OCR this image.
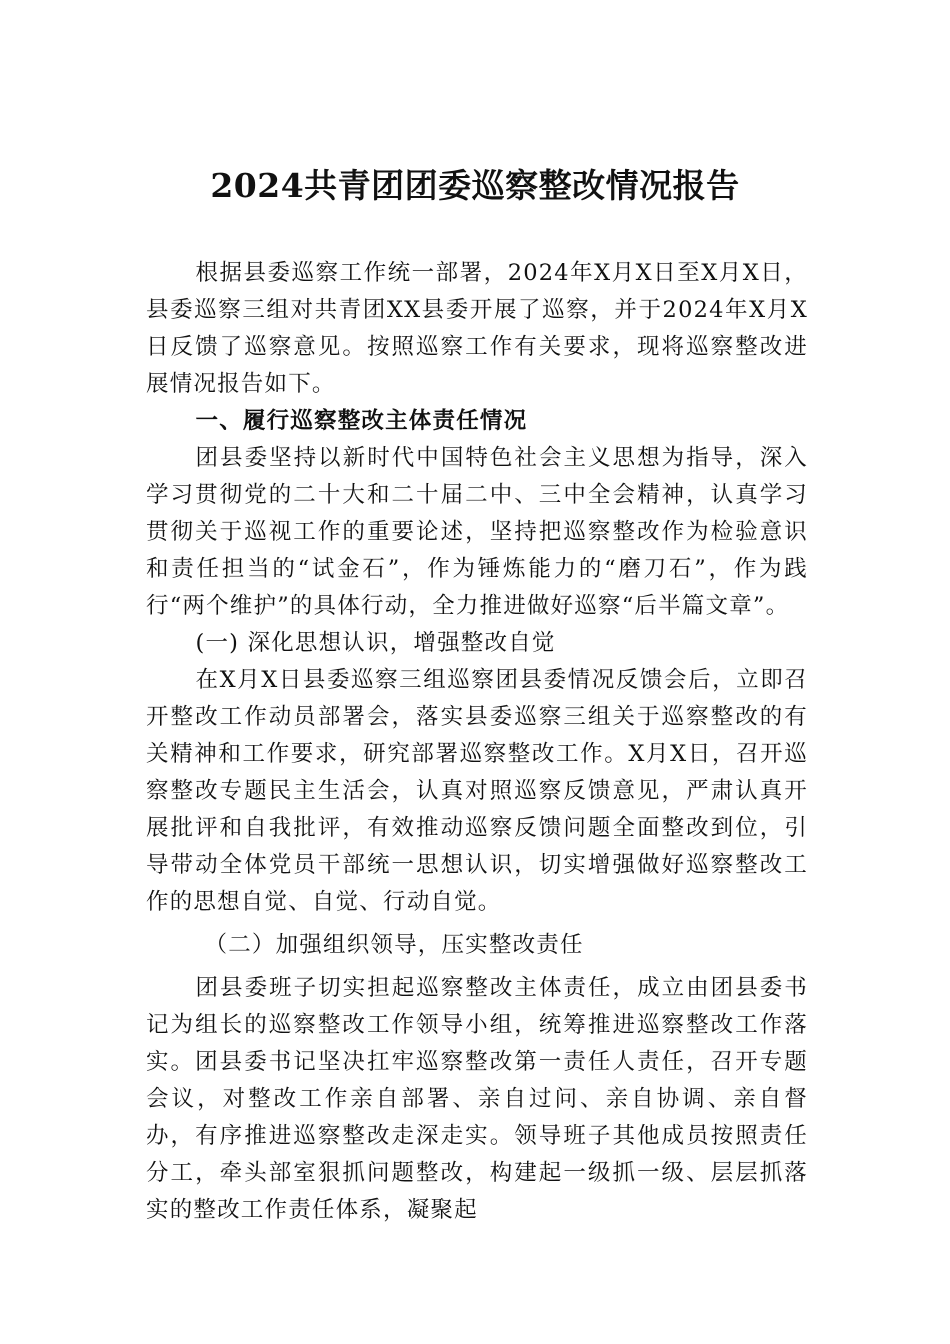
2024共青团团委巡察整改情况报告

根据县委巡察工作统一部署，2024年X月X日至X月X日，县委巡察三组对共青团XX县委开展了巡察，并于2024年X月X日反馈了巡察意见。按照巡察工作有关要求，现将巡察整改进展情况报告如下。

一、履行巡察整改主体责任情况

团县委坚持以新时代中国特色社会主义思想为指导，深入学习贯彻党的二十大和二十届二中、三中全会精神，认真学习贯彻关于巡视工作的重要论述，坚持把巡察整改作为检验意识和责任担当的“试金石”，作为锤炼能力的“磨刀石”，作为践行“两个维护”的具体行动，全力推进做好巡察“后半篇文章”。

(一) 深化思想认识，增强整改自觉

在X月X日县委巡察三组巡察团县委情况反馈会后，立即召开整改工作动员部署会，落实县委巡察三组关于巡察整改的有关精神和工作要求，研究部署巡察整改工作。X月X日，召开巡察整改专题民主生活会，认真对照巡察反馈意见，严肃认真开展批评和自我批评，有效推动巡察反馈问题全面整改到位，引导带动全体党员干部统一思想认识，切实增强做好巡察整改工作的思想自觉、自觉、行动自觉。

（二）加强组织领导，压实整改责任

团县委班子切实担起巡察整改主体责任，成立由团县委书记为组长的巡察整改工作领导小组，统筹推进巡察整改工作落实。团县委书记坚决扛牢巡察整改第一责任人责任，召开专题会议，对整改工作亲自部署、亲自过问、亲自协调、亲自督办，有序推进巡察整改走深走实。领导班子其他成员按照责任分工，牵头部室狠抓问题整改，构建起一级抓一级、层层抓落实的整改工作责任体系，凝聚起
